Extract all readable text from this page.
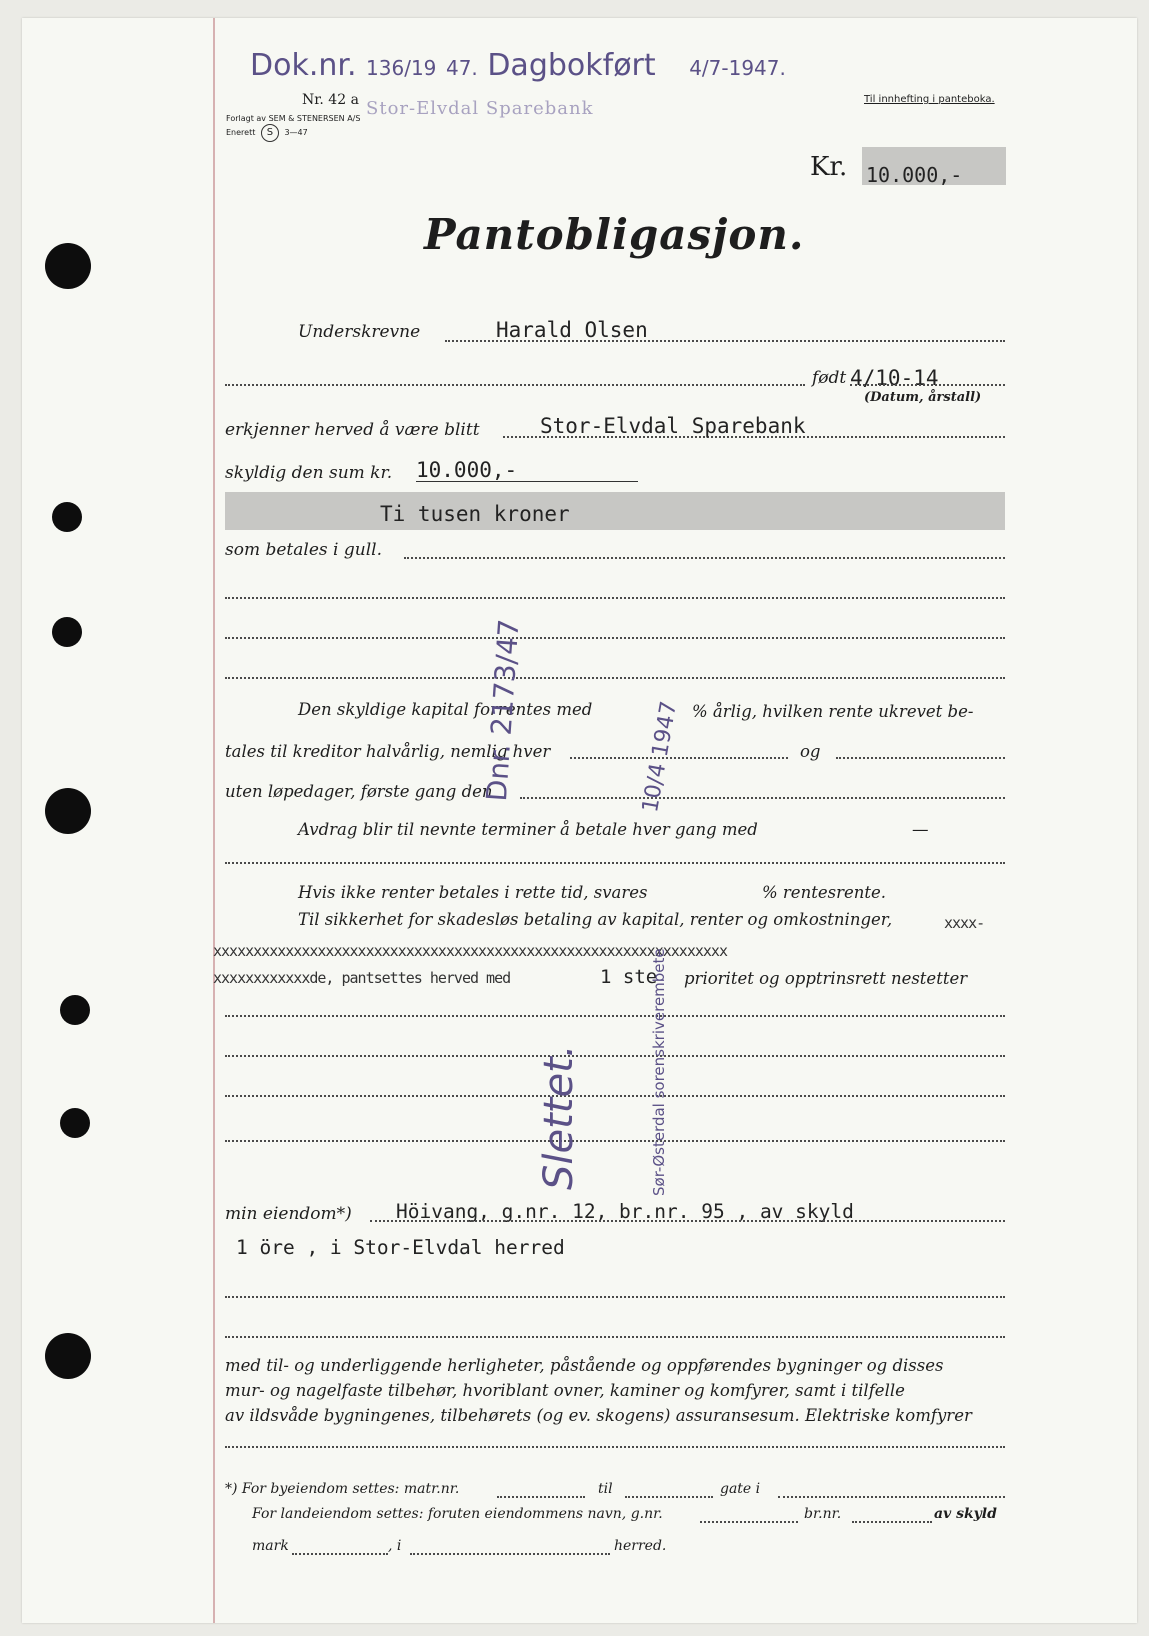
Dok.nr. 136/19 47. Dagbokført 4/7-1947.
Nr. 42 a
Forlagt av SEM & STENERSEN A/S
Enerett S 3—47
Stor-Elvdal Sparebank	Til innhefting i panteboka.
Kr. 10.000,-
Pantobligasjon.
Underskrevne	Harald Olsen
født 4/10-14
(Datum, årstall)
erkjenner herved å være blitt	Stor-Elvdal Sparebank
skyldig den sum kr. 10.000,-
Ti tusen kroner
som betales i gull.
Den skyldige kapital forrentes med	% årlig, hvilken rente ukrevet be-
tales til kreditor halvårlig, nemlig hver	og
uten løpedager, første gang den
Avdrag blir til nevnte terminer å betale hver gang med	—
Hvis ikke renter betales i rette tid, svares	% rentesrente.
Til sikkerhet for skadesløs betaling av kapital, renter og omkostninger,	xxxx-
xxxxxxxxxxxxxxxxxxxxxxxxxxxxxxxxxxxxxxxxxxxxxxxxxxxxxxxxxxxxxxxx
xxxxxxxxxxxxde, pantsettes herved med	1 ste prioritet og opptrinsrett nestetter
min eiendom*) Höivang, g.nr. 12, br.nr. 95 , av skyld
1 öre , i Stor-Elvdal herred
med til- og underliggende herligheter, påstående og oppførendes bygninger og disses
mur- og nagelfaste tilbehør, hvoriblant ovner, kaminer og komfyrer, samt i tilfelle
av ildsvåde bygningenes, tilbehørets (og ev. skogens) assuransesum. Elektriske komfyrer
*) For byeiendom settes: matr.nr.	til	gate i
For landeiendom settes: foruten eiendommens navn, g.nr.	br.nr.	av skyld
mark	, i	herred.
Dnr. 2173/47
Slettet.	Sør-Østerdal sorenskriverembete
10/4 1947
